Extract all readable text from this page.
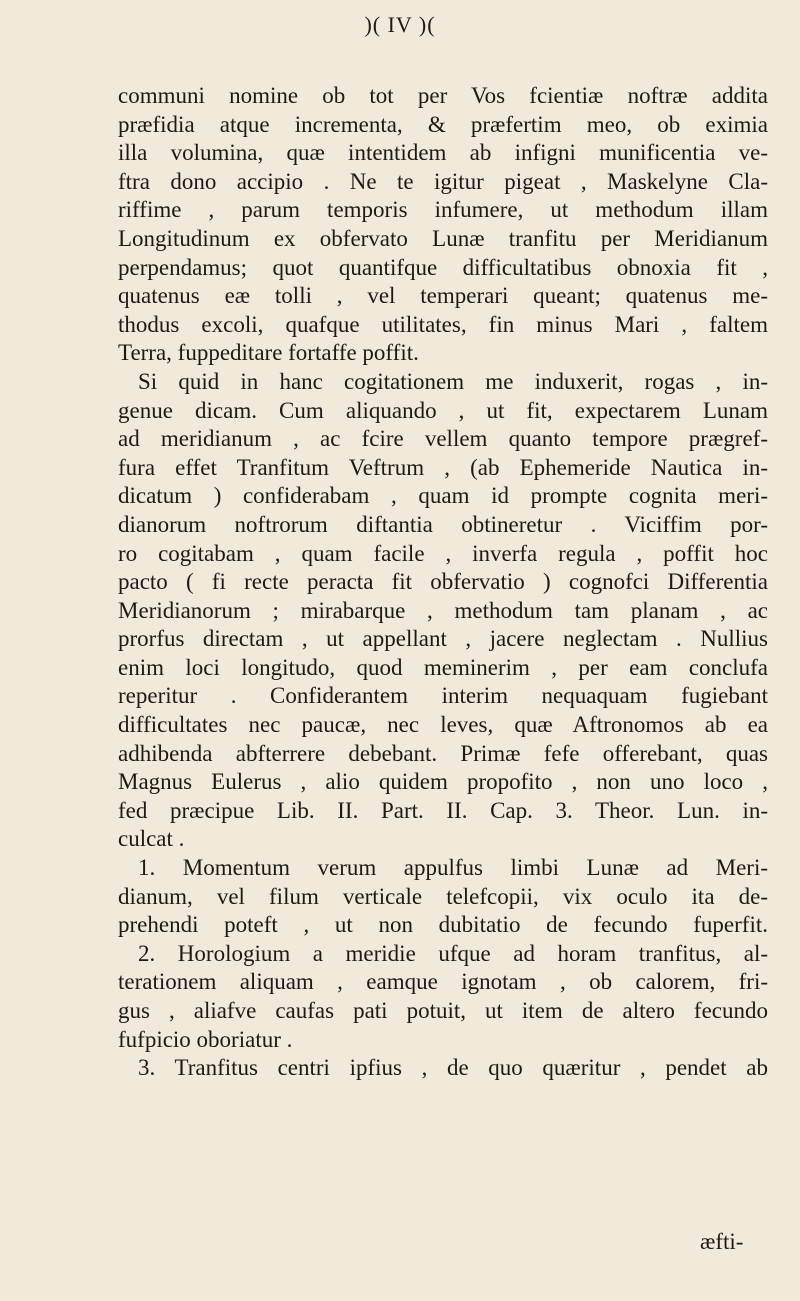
)( IV )(
communi nomine ob tot per Vos fcientiæ noftræ addita
præfidia atque incrementa, & præfertim meo, ob eximia
illa volumina, quæ intentidem ab infigni munificentia ve-
ftra dono accipio . Ne te igitur pigeat , Maskelyne Cla-
riffime , parum temporis infumere, ut methodum illam
Longitudinum ex obfervato Lunæ tranfitu per Meridianum
perpendamus; quot quantifque difficultatibus obnoxia fit ,
quatenus eæ tolli , vel temperari queant; quatenus me-
thodus excoli, quafque utilitates, fin minus Mari , faltem
Terra, fuppeditare fortaffe poffit.
Si quid in hanc cogitationem me induxerit, rogas , in-
genue dicam. Cum aliquando , ut fit, expectarem Lunam
ad meridianum , ac fcire vellem quanto tempore prægref-
fura effet Tranfitum Veftrum , (ab Ephemeride Nautica in-
dicatum ) confiderabam , quam id prompte cognita meri-
dianorum noftrorum diftantia obtineretur . Viciffim por-
ro cogitabam , quam facile , inverfa regula , poffit hoc
pacto ( fi recte peracta fit obfervatio ) cognofci Differentia
Meridianorum ; mirabarque , methodum tam planam , ac
prorfus directam , ut appellant , jacere neglectam . Nullius
enim loci longitudo, quod meminerim , per eam conclufa
reperitur . Confiderantem interim nequaquam fugiebant
difficultates nec paucæ, nec leves, quæ Aftronomos ab ea
adhibenda abfterrere debebant. Primæ fefe offerebant, quas
Magnus Eulerus , alio quidem propofito , non uno loco ,
fed præcipue Lib. II. Part. II. Cap. 3. Theor. Lun. in-
culcat .
1. Momentum verum appulfus limbi Lunæ ad Meri-
dianum, vel filum verticale telefcopii, vix oculo ita de-
prehendi poteft , ut non dubitatio de fecundo fuperfit.
2. Horologium a meridie ufque ad horam tranfitus, al-
terationem aliquam , eamque ignotam , ob calorem, fri-
gus , aliafve caufas pati potuit, ut item de altero fecundo
fufpicio oboriatur .
3. Tranfitus centri ipfius , de quo quæritur , pendet ab
æfti-
